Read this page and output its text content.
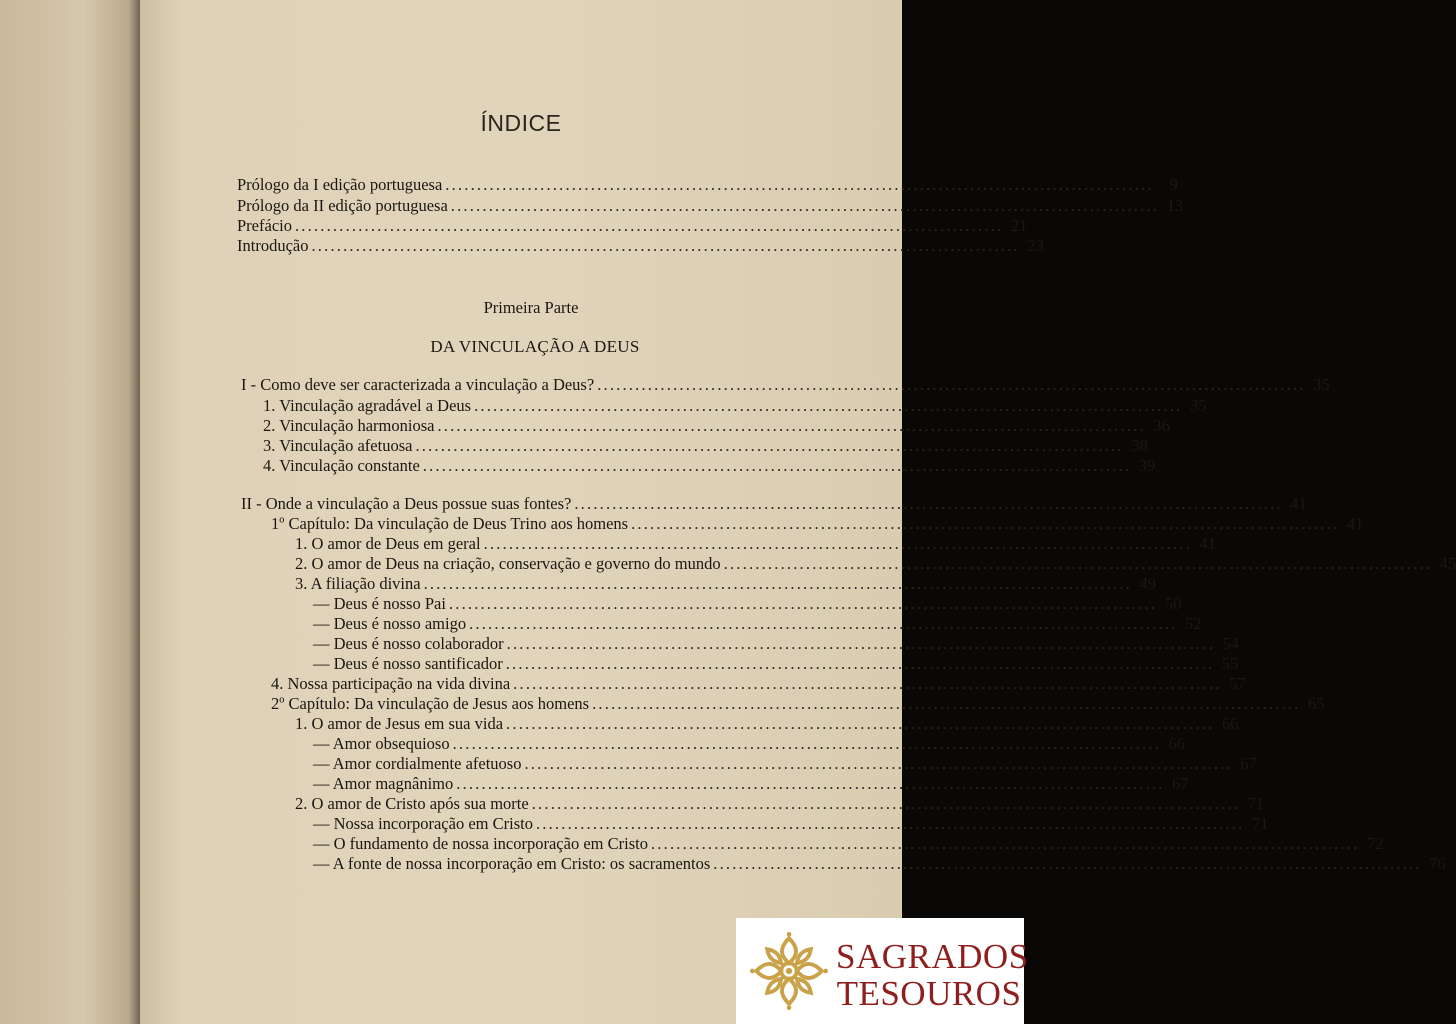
ÍNDICE
Prólogo da I edição portuguesa ................................................................................................................ 9
Prólogo da II edição portuguesa ................................................................................................................ 13
Prefácio ................................................................................................................ 21
Introdução ................................................................................................................ 23
Primeira Parte
DA VINCULAÇÃO A DEUS
I - Como deve ser caracterizada a vinculação a Deus? ................................................................................................................ 35
1. Vinculação agradável a Deus ................................................................................................................ 35
2. Vinculação harmoniosa ................................................................................................................ 36
3. Vinculação afetuosa ................................................................................................................ 38
4. Vinculação constante ................................................................................................................ 39
II - Onde a vinculação a Deus possue suas fontes? ................................................................................................................ 41
1º Capítulo: Da vinculação de Deus Trino aos homens ................................................................................................................ 41
1. O amor de Deus em geral ................................................................................................................ 41
2. O amor de Deus na criação, conservação e governo do mundo ................................................................................................................ 45
3. A filiação divina ................................................................................................................ 49
— Deus é nosso Pai ................................................................................................................ 50
— Deus é nosso amigo ................................................................................................................ 52
— Deus é nosso colaborador ................................................................................................................ 54
— Deus é nosso santificador ................................................................................................................ 55
4. Nossa participação na vida divina ................................................................................................................ 57
2º Capítulo: Da vinculação de Jesus aos homens ................................................................................................................ 65
1. O amor de Jesus em sua vida ................................................................................................................ 66
— Amor obsequioso ................................................................................................................ 66
— Amor cordialmente afetuoso ................................................................................................................ 67
— Amor magnânimo ................................................................................................................ 67
2. O amor de Cristo após sua morte ................................................................................................................ 71
— Nossa incorporação em Cristo ................................................................................................................ 71
— O fundamento de nossa incorporação em Cristo ................................................................................................................ 72
— A fonte de nossa incorporação em Cristo: os sacramentos ................................................................................................................ 76
SAGRADOS
TESOUROS
